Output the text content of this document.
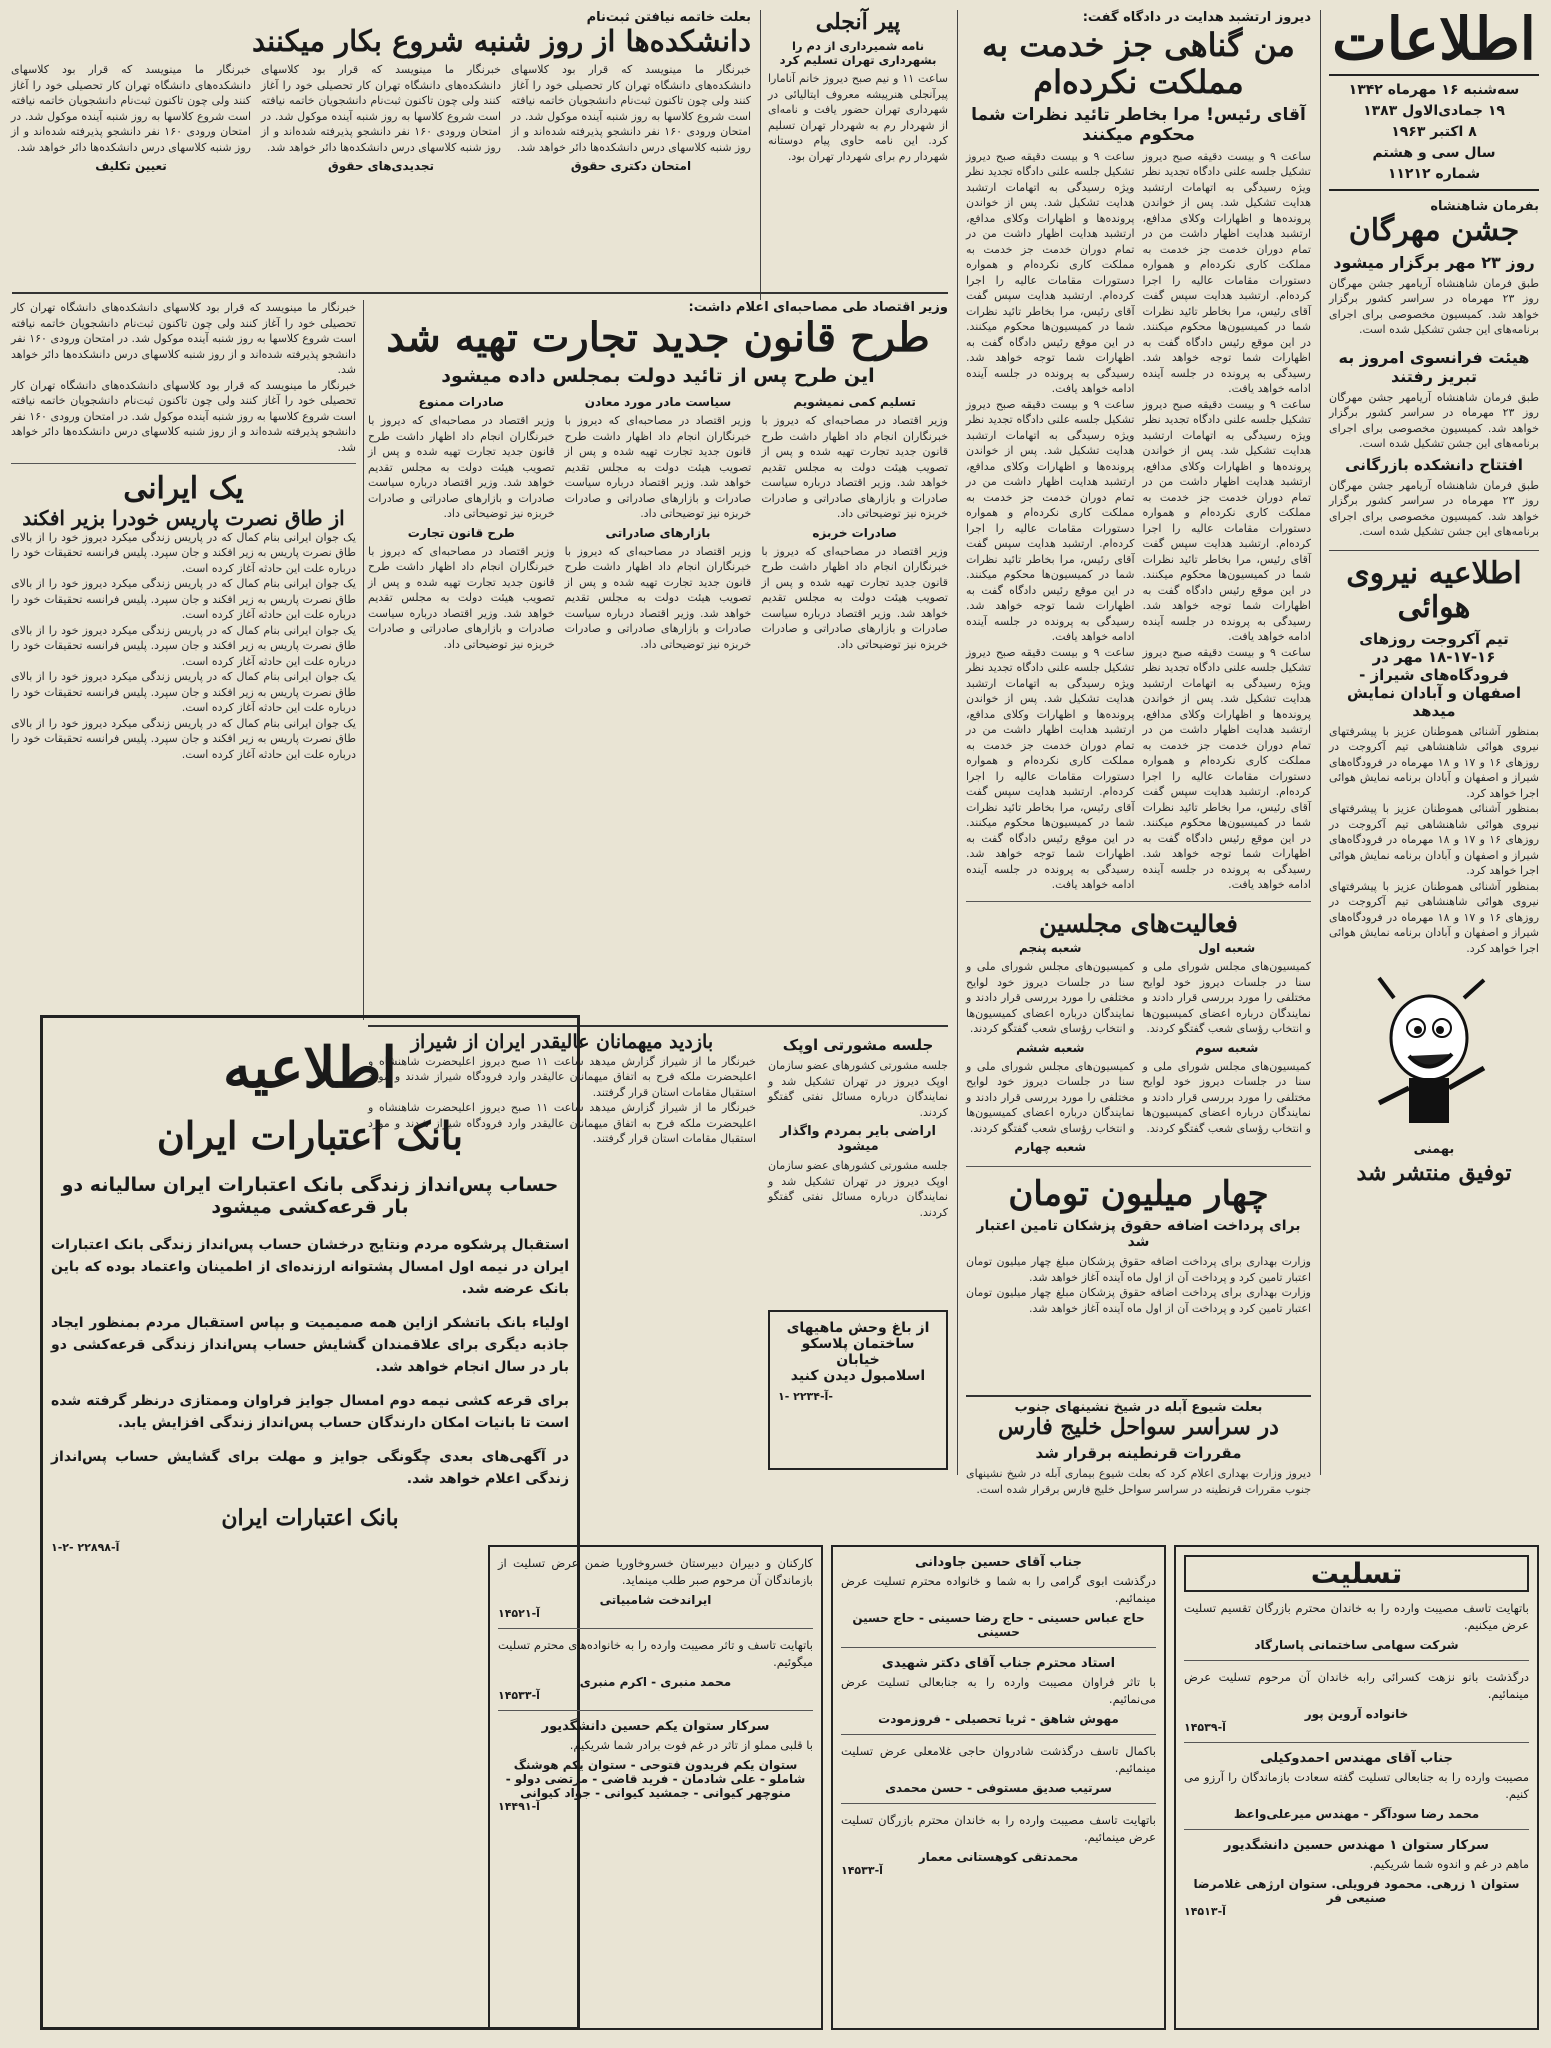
اطلاعات
سه‌شنبه ۱۶ مهرماه ۱۳۴۲
۱۹ جمادی‌الاول ۱۳۸۳
۸ اکتبر ۱۹۶۳
سال سی و هشتم
شماره ۱۱۲۱۲
بفرمان شاهنشاه
جشن مهرگان
روز ۲۳ مهر برگزار میشود
طبق فرمان شاهنشاه آریامهر جشن مهرگان روز ۲۳ مهرماه در سراسر کشور برگزار خواهد شد. کمیسیون مخصوصی برای اجرای برنامه‌های این جشن تشکیل شده است.
هیئت فرانسوی امروز به تبریز رفتند
طبق فرمان شاهنشاه آریامهر جشن مهرگان روز ۲۳ مهرماه در سراسر کشور برگزار خواهد شد. کمیسیون مخصوصی برای اجرای برنامه‌های این جشن تشکیل شده است.
افتتاح دانشکده بازرگانی
طبق فرمان شاهنشاه آریامهر جشن مهرگان روز ۲۳ مهرماه در سراسر کشور برگزار خواهد شد. کمیسیون مخصوصی برای اجرای برنامه‌های این جشن تشکیل شده است.
اطلاعیه نیروی هوائی
تیم آکروجت روزهای ۱۶-۱۷-۱۸ مهر در فرودگاه‌های شیراز - اصفهان و آبادان نمایش میدهد
بمنظور آشنائی هموطنان عزیز با پیشرفتهای نیروی هوائی شاهنشاهی تیم آکروجت در روزهای ۱۶ و ۱۷ و ۱۸ مهرماه در فرودگاه‌های شیراز و اصفهان و آبادان برنامه نمایش هوائی اجرا خواهد کرد.
بمنظور آشنائی هموطنان عزیز با پیشرفتهای نیروی هوائی شاهنشاهی تیم آکروجت در روزهای ۱۶ و ۱۷ و ۱۸ مهرماه در فرودگاه‌های شیراز و اصفهان و آبادان برنامه نمایش هوائی اجرا خواهد کرد.
بمنظور آشنائی هموطنان عزیز با پیشرفتهای نیروی هوائی شاهنشاهی تیم آکروجت در روزهای ۱۶ و ۱۷ و ۱۸ مهرماه در فرودگاه‌های شیراز و اصفهان و آبادان برنامه نمایش هوائی اجرا خواهد کرد.
بهمنی
توفیق منتشر شد
دیروز ارتشبد هدایت در دادگاه گفت:
من گناهی جز خدمت به مملکت نکرده‌ام
آقای رئیس! مرا بخاطر تائید نظرات شما محکوم میکنند
ساعت ۹ و بیست دقیقه صبح دیروز تشکیل جلسه علنی دادگاه تجدید نظر ویژه رسیدگی به اتهامات ارتشبد هدایت تشکیل شد. پس از خواندن پرونده‌ها و اظهارات وکلای مدافع، ارتشبد هدایت اظهار داشت من در تمام دوران خدمت جز خدمت به مملکت کاری نکرده‌ام و همواره دستورات مقامات عالیه را اجرا کرده‌ام. ارتشبد هدایت سپس گفت آقای رئیس، مرا بخاطر تائید نظرات شما در کمیسیون‌ها محکوم میکنند. در این موقع رئیس دادگاه گفت به اظهارات شما توجه خواهد شد. رسیدگی به پرونده در جلسه آینده ادامه خواهد یافت.
ساعت ۹ و بیست دقیقه صبح دیروز تشکیل جلسه علنی دادگاه تجدید نظر ویژه رسیدگی به اتهامات ارتشبد هدایت تشکیل شد. پس از خواندن پرونده‌ها و اظهارات وکلای مدافع، ارتشبد هدایت اظهار داشت من در تمام دوران خدمت جز خدمت به مملکت کاری نکرده‌ام و همواره دستورات مقامات عالیه را اجرا کرده‌ام. ارتشبد هدایت سپس گفت آقای رئیس، مرا بخاطر تائید نظرات شما در کمیسیون‌ها محکوم میکنند. در این موقع رئیس دادگاه گفت به اظهارات شما توجه خواهد شد. رسیدگی به پرونده در جلسه آینده ادامه خواهد یافت.
ساعت ۹ و بیست دقیقه صبح دیروز تشکیل جلسه علنی دادگاه تجدید نظر ویژه رسیدگی به اتهامات ارتشبد هدایت تشکیل شد. پس از خواندن پرونده‌ها و اظهارات وکلای مدافع، ارتشبد هدایت اظهار داشت من در تمام دوران خدمت جز خدمت به مملکت کاری نکرده‌ام و همواره دستورات مقامات عالیه را اجرا کرده‌ام. ارتشبد هدایت سپس گفت آقای رئیس، مرا بخاطر تائید نظرات شما در کمیسیون‌ها محکوم میکنند. در این موقع رئیس دادگاه گفت به اظهارات شما توجه خواهد شد. رسیدگی به پرونده در جلسه آینده ادامه خواهد یافت.
ساعت ۹ و بیست دقیقه صبح دیروز تشکیل جلسه علنی دادگاه تجدید نظر ویژه رسیدگی به اتهامات ارتشبد هدایت تشکیل شد. پس از خواندن پرونده‌ها و اظهارات وکلای مدافع، ارتشبد هدایت اظهار داشت من در تمام دوران خدمت جز خدمت به مملکت کاری نکرده‌ام و همواره دستورات مقامات عالیه را اجرا کرده‌ام. ارتشبد هدایت سپس گفت آقای رئیس، مرا بخاطر تائید نظرات شما در کمیسیون‌ها محکوم میکنند. در این موقع رئیس دادگاه گفت به اظهارات شما توجه خواهد شد. رسیدگی به پرونده در جلسه آینده ادامه خواهد یافت.
ساعت ۹ و بیست دقیقه صبح دیروز تشکیل جلسه علنی دادگاه تجدید نظر ویژه رسیدگی به اتهامات ارتشبد هدایت تشکیل شد. پس از خواندن پرونده‌ها و اظهارات وکلای مدافع، ارتشبد هدایت اظهار داشت من در تمام دوران خدمت جز خدمت به مملکت کاری نکرده‌ام و همواره دستورات مقامات عالیه را اجرا کرده‌ام. ارتشبد هدایت سپس گفت آقای رئیس، مرا بخاطر تائید نظرات شما در کمیسیون‌ها محکوم میکنند. در این موقع رئیس دادگاه گفت به اظهارات شما توجه خواهد شد. رسیدگی به پرونده در جلسه آینده ادامه خواهد یافت.
ساعت ۹ و بیست دقیقه صبح دیروز تشکیل جلسه علنی دادگاه تجدید نظر ویژه رسیدگی به اتهامات ارتشبد هدایت تشکیل شد. پس از خواندن پرونده‌ها و اظهارات وکلای مدافع، ارتشبد هدایت اظهار داشت من در تمام دوران خدمت جز خدمت به مملکت کاری نکرده‌ام و همواره دستورات مقامات عالیه را اجرا کرده‌ام. ارتشبد هدایت سپس گفت آقای رئیس، مرا بخاطر تائید نظرات شما در کمیسیون‌ها محکوم میکنند. در این موقع رئیس دادگاه گفت به اظهارات شما توجه خواهد شد. رسیدگی به پرونده در جلسه آینده ادامه خواهد یافت.
فعالیت‌های مجلسین
شعبه اول
کمیسیون‌های مجلس شورای ملی و سنا در جلسات دیروز خود لوایح مختلفی را مورد بررسی قرار دادند و نمایندگان درباره اعضای کمیسیون‌ها و انتخاب رؤسای شعب گفتگو کردند.
شعبه سوم
کمیسیون‌های مجلس شورای ملی و سنا در جلسات دیروز خود لوایح مختلفی را مورد بررسی قرار دادند و نمایندگان درباره اعضای کمیسیون‌ها و انتخاب رؤسای شعب گفتگو کردند.
شعبه پنجم
کمیسیون‌های مجلس شورای ملی و سنا در جلسات دیروز خود لوایح مختلفی را مورد بررسی قرار دادند و نمایندگان درباره اعضای کمیسیون‌ها و انتخاب رؤسای شعب گفتگو کردند.
شعبه ششم
کمیسیون‌های مجلس شورای ملی و سنا در جلسات دیروز خود لوایح مختلفی را مورد بررسی قرار دادند و نمایندگان درباره اعضای کمیسیون‌ها و انتخاب رؤسای شعب گفتگو کردند.
شعبه چهارم
چهار میلیون تومان
برای پرداخت اضافه حقوق پزشکان تامین اعتبار شد
وزارت بهداری برای پرداخت اضافه حقوق پزشکان مبلغ چهار میلیون تومان اعتبار تامین کرد و پرداخت آن از اول ماه آینده آغاز خواهد شد.
وزارت بهداری برای پرداخت اضافه حقوق پزشکان مبلغ چهار میلیون تومان اعتبار تامین کرد و پرداخت آن از اول ماه آینده آغاز خواهد شد.
پیر آنجلی
نامه شمیرداری از دم را بشهرداری تهران تسلیم کرد
ساعت ۱۱ و نیم صبح دیروز خانم آنامارا پیرآنجلی هنرپیشه معروف ایتالیائی در شهرداری تهران حضور یافت و نامه‌ای از شهردار رم به شهردار تهران تسلیم کرد. این نامه حاوی پیام دوستانه شهردار رم برای شهردار تهران بود.
بعلت خاتمه نیافتن ثبت‌نام
دانشکده‌ها از روز شنبه شروع بکار میکنند
خبرنگار ما مینویسد که قرار بود کلاسهای دانشکده‌های دانشگاه تهران کار تحصیلی خود را آغاز کنند ولی چون تاکنون ثبت‌نام دانشجویان خاتمه نیافته است شروع کلاسها به روز شنبه آینده موکول شد. در امتحان ورودی ۱۶۰ نفر دانشجو پذیرفته شده‌اند و از روز شنبه کلاسهای درس دانشکده‌ها دائر خواهد شد.
امتحان دکتری حقوق
خبرنگار ما مینویسد که قرار بود کلاسهای دانشکده‌های دانشگاه تهران کار تحصیلی خود را آغاز کنند ولی چون تاکنون ثبت‌نام دانشجویان خاتمه نیافته است شروع کلاسها به روز شنبه آینده موکول شد. در امتحان ورودی ۱۶۰ نفر دانشجو پذیرفته شده‌اند و از روز شنبه کلاسهای درس دانشکده‌ها دائر خواهد شد.
تجدیدی‌های حقوق
خبرنگار ما مینویسد که قرار بود کلاسهای دانشکده‌های دانشگاه تهران کار تحصیلی خود را آغاز کنند ولی چون تاکنون ثبت‌نام دانشجویان خاتمه نیافته است شروع کلاسها به روز شنبه آینده موکول شد. در امتحان ورودی ۱۶۰ نفر دانشجو پذیرفته شده‌اند و از روز شنبه کلاسهای درس دانشکده‌ها دائر خواهد شد.
تعیین تکلیف
وزیر اقتصاد طی مصاحبه‌ای اعلام داشت:
طرح قانون جدید تجارت تهیه شد
این طرح پس از تائید دولت بمجلس داده میشود
تسلیم کمی نمیشویم
وزیر اقتصاد در مصاحبه‌ای که دیروز با خبرنگاران انجام داد اظهار داشت طرح قانون جدید تجارت تهیه شده و پس از تصویب هیئت دولت به مجلس تقدیم خواهد شد. وزیر اقتصاد درباره سیاست صادرات و بازارهای صادراتی و صادرات خربزه نیز توضیحاتی داد.
صادرات خربزه
وزیر اقتصاد در مصاحبه‌ای که دیروز با خبرنگاران انجام داد اظهار داشت طرح قانون جدید تجارت تهیه شده و پس از تصویب هیئت دولت به مجلس تقدیم خواهد شد. وزیر اقتصاد درباره سیاست صادرات و بازارهای صادراتی و صادرات خربزه نیز توضیحاتی داد.
سیاست مادر مورد معادن
وزیر اقتصاد در مصاحبه‌ای که دیروز با خبرنگاران انجام داد اظهار داشت طرح قانون جدید تجارت تهیه شده و پس از تصویب هیئت دولت به مجلس تقدیم خواهد شد. وزیر اقتصاد درباره سیاست صادرات و بازارهای صادراتی و صادرات خربزه نیز توضیحاتی داد.
بازارهای صادراتی
وزیر اقتصاد در مصاحبه‌ای که دیروز با خبرنگاران انجام داد اظهار داشت طرح قانون جدید تجارت تهیه شده و پس از تصویب هیئت دولت به مجلس تقدیم خواهد شد. وزیر اقتصاد درباره سیاست صادرات و بازارهای صادراتی و صادرات خربزه نیز توضیحاتی داد.
صادرات ممنوع
وزیر اقتصاد در مصاحبه‌ای که دیروز با خبرنگاران انجام داد اظهار داشت طرح قانون جدید تجارت تهیه شده و پس از تصویب هیئت دولت به مجلس تقدیم خواهد شد. وزیر اقتصاد درباره سیاست صادرات و بازارهای صادراتی و صادرات خربزه نیز توضیحاتی داد.
طرح قانون تجارت
وزیر اقتصاد در مصاحبه‌ای که دیروز با خبرنگاران انجام داد اظهار داشت طرح قانون جدید تجارت تهیه شده و پس از تصویب هیئت دولت به مجلس تقدیم خواهد شد. وزیر اقتصاد درباره سیاست صادرات و بازارهای صادراتی و صادرات خربزه نیز توضیحاتی داد.
خبرنگار ما مینویسد که قرار بود کلاسهای دانشکده‌های دانشگاه تهران کار تحصیلی خود را آغاز کنند ولی چون تاکنون ثبت‌نام دانشجویان خاتمه نیافته است شروع کلاسها به روز شنبه آینده موکول شد. در امتحان ورودی ۱۶۰ نفر دانشجو پذیرفته شده‌اند و از روز شنبه کلاسهای درس دانشکده‌ها دائر خواهد شد.
خبرنگار ما مینویسد که قرار بود کلاسهای دانشکده‌های دانشگاه تهران کار تحصیلی خود را آغاز کنند ولی چون تاکنون ثبت‌نام دانشجویان خاتمه نیافته است شروع کلاسها به روز شنبه آینده موکول شد. در امتحان ورودی ۱۶۰ نفر دانشجو پذیرفته شده‌اند و از روز شنبه کلاسهای درس دانشکده‌ها دائر خواهد شد.
یک ایرانی
از طاق نصرت پاریس خودرا بزیر افکند
یک جوان ایرانی بنام کمال که در پاریس زندگی میکرد دیروز خود را از بالای طاق نصرت پاریس به زیر افکند و جان سپرد. پلیس فرانسه تحقیقات خود را درباره علت این حادثه آغاز کرده است.
یک جوان ایرانی بنام کمال که در پاریس زندگی میکرد دیروز خود را از بالای طاق نصرت پاریس به زیر افکند و جان سپرد. پلیس فرانسه تحقیقات خود را درباره علت این حادثه آغاز کرده است.
یک جوان ایرانی بنام کمال که در پاریس زندگی میکرد دیروز خود را از بالای طاق نصرت پاریس به زیر افکند و جان سپرد. پلیس فرانسه تحقیقات خود را درباره علت این حادثه آغاز کرده است.
یک جوان ایرانی بنام کمال که در پاریس زندگی میکرد دیروز خود را از بالای طاق نصرت پاریس به زیر افکند و جان سپرد. پلیس فرانسه تحقیقات خود را درباره علت این حادثه آغاز کرده است.
یک جوان ایرانی بنام کمال که در پاریس زندگی میکرد دیروز خود را از بالای طاق نصرت پاریس به زیر افکند و جان سپرد. پلیس فرانسه تحقیقات خود را درباره علت این حادثه آغاز کرده است.
جلسه مشورتی اوپک
جلسه مشورتی کشورهای عضو سازمان اوپک دیروز در تهران تشکیل شد و نمایندگان درباره مسائل نفتی گفتگو کردند.
اراضی بایر بمردم واگذار میشود
جلسه مشورتی کشورهای عضو سازمان اوپک دیروز در تهران تشکیل شد و نمایندگان درباره مسائل نفتی گفتگو کردند.
بازدید میهمانان عالیقدر ایران از شیراز
خبرنگار ما از شیراز گزارش میدهد ساعت ۱۱ صبح دیروز اعلیحضرت شاهنشاه و اعلیحضرت ملکه فرح به اتفاق میهمانان عالیقدر وارد فرودگاه شیراز شدند و مورد استقبال مقامات استان قرار گرفتند.
خبرنگار ما از شیراز گزارش میدهد ساعت ۱۱ صبح دیروز اعلیحضرت شاهنشاه و اعلیحضرت ملکه فرح به اتفاق میهمانان عالیقدر وارد فرودگاه شیراز شدند و مورد استقبال مقامات استان قرار گرفتند.
بعلت شیوع آبله در شیخ نشینهای جنوب
در سراسر سواحل خلیج فارس
مقررات قرنطینه برقرار شد
دیروز وزارت بهداری اعلام کرد که بعلت شیوع بیماری آبله در شیخ نشینهای جنوب مقررات قرنطینه در سراسر سواحل خلیج فارس برقرار شده است.
از باغ وحش ماهیهای
ساختمان پلاسکو خیابان
اسلامبول دیدن کنید
آ-۲۲۳۴ -۱-
اطلاعیه
بانک اعتبارات ایران
حساب پس‌انداز زندگی بانک اعتبارات ایران سالیانه دو بار قرعه‌کشی میشود
استقبال پرشکوه مردم ونتایج درخشان حساب پس‌انداز زندگی بانک اعتبارات ایران در نیمه اول امسال پشتوانه ارزنده‌ای از اطمینان واعتماد بوده که باین بانک عرضه شد.
اولیاء بانک باتشکر ازاین همه صمیمیت و بپاس استقبال مردم بمنظور ایجاد جاذبه دیگری برای علاقمندان گشایش حساب پس‌انداز زندگی قرعه‌کشی دو بار در سال انجام خواهد شد.
برای قرعه کشی نیمه دوم امسال جوایز فراوان وممتازی درنظر گرفته شده است تا بانیات امکان دارندگان حساب پس‌انداز زندگی افزایش یابد.
در آگهی‌های بعدی چگونگی جوایز و مهلت برای گشایش حساب پس‌انداز زندگی اعلام خواهد شد.
بانک اعتبارات ایران
آ-۲۲۸۹۸ -۲-۱
تسلیت
باتهایت تاسف مصیبت وارده را به خاندان محترم بازرگان تقسیم تسلیت عرض میکنیم.
شرکت سهامی ساختمانی پاسارگاد
درگذشت بانو نزهت کسرائی رابه خاندان آن مرحوم تسلیت عرض مینمائیم.
خانواده آروین پور
آ-۱۴۵۳۹
جناب آقای مهندس احمدوکیلی
مصیبت وارده را به جنابعالی تسلیت گفته سعادت بازماندگان را آرزو می کنیم.
محمد رضا سودآگر - مهندس میرعلی‌واعظ
سرکار ستوان ۱ مهندس حسین دانشگدیور
ماهم در غم و اندوه شما شریکیم.
ستوان ۱ زرهی. محمود فرویلی. ستوان ارژهی غلامرضا صنیعی فر
آ-۱۴۵۱۳
جناب آقای حسین جاودانی
درگذشت ابوی گرامی را به شما و خانواده محترم تسلیت عرض مینمائیم.
حاج عباس حسینی - حاج رضا حسینی - حاج حسین حسینی
استاد محترم جناب آقای دکتر شهیدی
با تاثر فراوان مصیبت وارده را به جنابعالی تسلیت عرض می‌نمائیم.
مهوش شاهق - ثریا تحصیلی - فروزمودت
باکمال تاسف درگذشت شادروان حاجی غلامعلی عرض تسلیت مینمائیم.
سرتیب صدیق مستوفی - حسن محمدی
باتهایت تاسف مصیبت وارده را به خاندان محترم بازرگان تسلیت عرض مینمائیم.
محمدتقی کوهستانی معمار
آ-۱۴۵۳۳
کارکنان و دبیران دبیرستان خسروخاوریا ضمن عرض تسلیت از بازماندگان آن مرحوم صبر طلب مینماید.
ایراندخت شامبیاتی
آ-۱۴۵۲۱
باتهایت تاسف و تاثر مصیبت وارده را به خانواده‌های محترم تسلیت میگوئیم.
محمد منبری - اکرم منبری
آ-۱۴۵۳۳
سرکار ستوان یکم حسین دانشگدیور
با قلبی مملو از تاثر در غم فوت برادر شما شریکیم.
ستوان یکم فریدون فتوحی - ستوان یکم هوشنگ شاملو - علی شادمان - فرید قاضی - مرتضی دولو - منوچهر کیوانی - جمشید کیوانی - جواد کیوانی
آ-۱۴۴۹۱
